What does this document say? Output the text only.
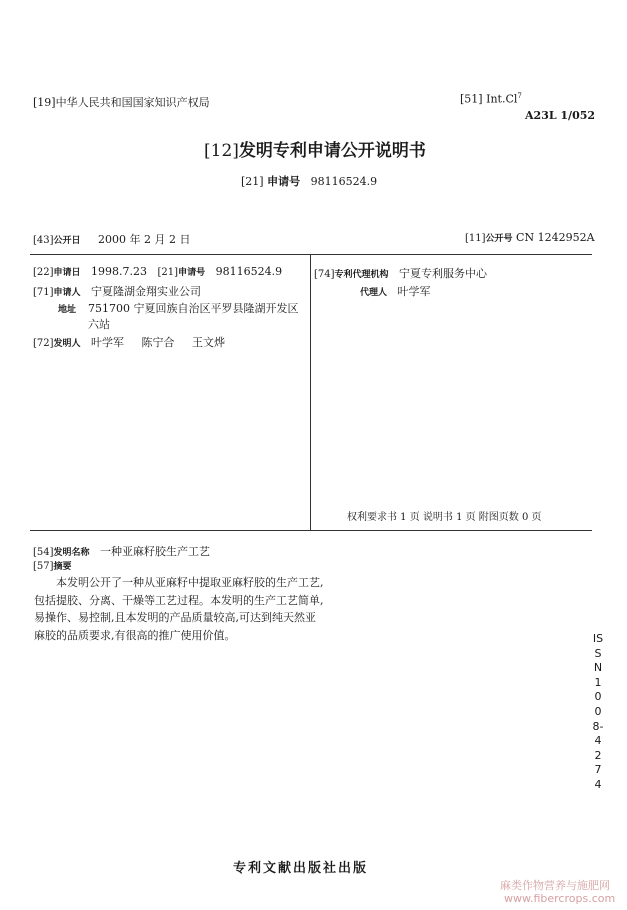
[19]中华人民共和国国家知识产权局	[51] Int.Cl$^7$
A23L 1/052
[12]发明专利申请公开说明书
[21] 申请号 98116524.9
[43]公开日 2000 年 2 月 2 日	[11]公开号 CN 1242952A
[22]申请日 1998.7.23 [21]申请号 98116524.9
[71]申请人 宁夏隆湖金翔实业公司
地址 751700 宁夏回族自治区平罗县隆湖开发区
六站
[72]发明人 叶学军 陈宁合 王文烨
[74]专利代理机构 宁夏专利服务中心
代理人 叶学军
权利要求书 1 页 说明书 1 页 附图页数 0 页
[54]发明名称 一种亚麻籽胶生产工艺
[57]摘要
本发明公开了一种从亚麻籽中提取亚麻籽胶的生产工艺,包括提胶、分离、干燥等工艺过程。本发明的生产工艺简单,易操作、易控制,且本发明的产品质量较高,可达到纯天然亚麻胶的品质要求,有很高的推广使用价值。	ISSN1008-4274
专利文献出版社出版
麻类作物营养与施肥网
www.fibercrops.com
